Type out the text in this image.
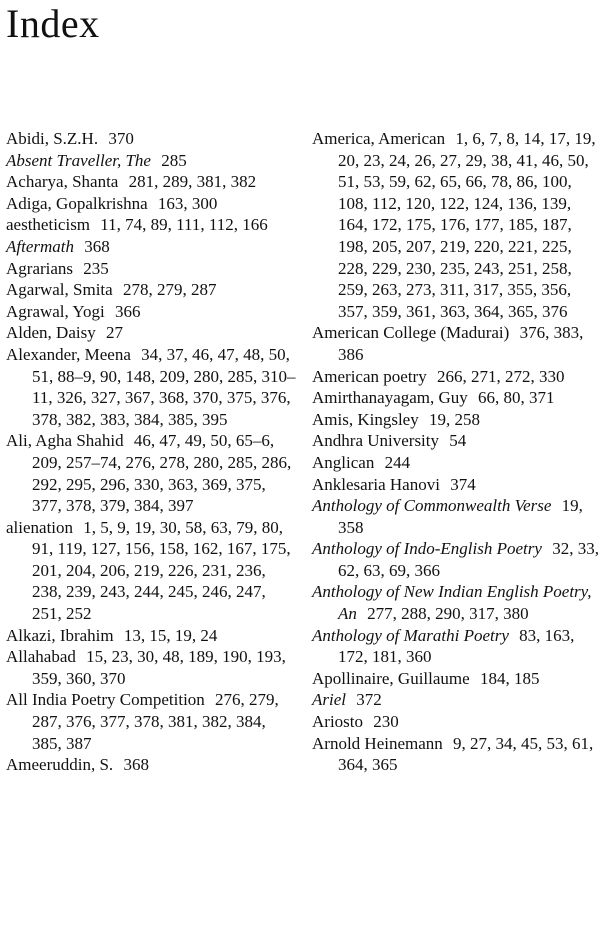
Index
Abidi, S.Z.H. 370
Absent Traveller, The 285
Acharya, Shanta 281, 289, 381, 382
Adiga, Gopalkrishna 163, 300
aestheticism 11, 74, 89, 111, 112, 166
Aftermath 368
Agrarians 235
Agarwal, Smita 278, 279, 287
Agrawal, Yogi 366
Alden, Daisy 27
Alexander, Meena 34, 37, 46, 47, 48, 50, 51, 88–9, 90, 148, 209, 280, 285, 310–11, 326, 327, 367, 368, 370, 375, 376, 378, 382, 383, 384, 385, 395
Ali, Agha Shahid 46, 47, 49, 50, 65–6, 209, 257–74, 276, 278, 280, 285, 286, 292, 295, 296, 330, 363, 369, 375, 377, 378, 379, 384, 397
alienation 1, 5, 9, 19, 30, 58, 63, 79, 80, 91, 119, 127, 156, 158, 162, 167, 175, 201, 204, 206, 219, 226, 231, 236, 238, 239, 243, 244, 245, 246, 247, 251, 252
Alkazi, Ibrahim 13, 15, 19, 24
Allahabad 15, 23, 30, 48, 189, 190, 193, 359, 360, 370
All India Poetry Competition 276, 279, 287, 376, 377, 378, 381, 382, 384, 385, 387
Ameeruddin, S. 368
America, American 1, 6, 7, 8, 14, 17, 19, 20, 23, 24, 26, 27, 29, 38, 41, 46, 50, 51, 53, 59, 62, 65, 66, 78, 86, 100, 108, 112, 120, 122, 124, 136, 139, 164, 172, 175, 176, 177, 185, 187, 198, 205, 207, 219, 220, 221, 225, 228, 229, 230, 235, 243, 251, 258, 259, 263, 273, 311, 317, 355, 356, 357, 359, 361, 363, 364, 365, 376
American College (Madurai) 376, 383, 386
American poetry 266, 271, 272, 330
Amirthanayagam, Guy 66, 80, 371
Amis, Kingsley 19, 258
Andhra University 54
Anglican 244
Anklesaria Hanovi 374
Anthology of Commonwealth Verse 19, 358
Anthology of Indo-English Poetry 32, 33, 62, 63, 69, 366
Anthology of New Indian English Poetry, An 277, 288, 290, 317, 380
Anthology of Marathi Poetry 83, 163, 172, 181, 360
Apollinaire, Guillaume 184, 185
Ariel 372
Ariosto 230
Arnold Heinemann 9, 27, 34, 45, 53, 61, 364, 365
